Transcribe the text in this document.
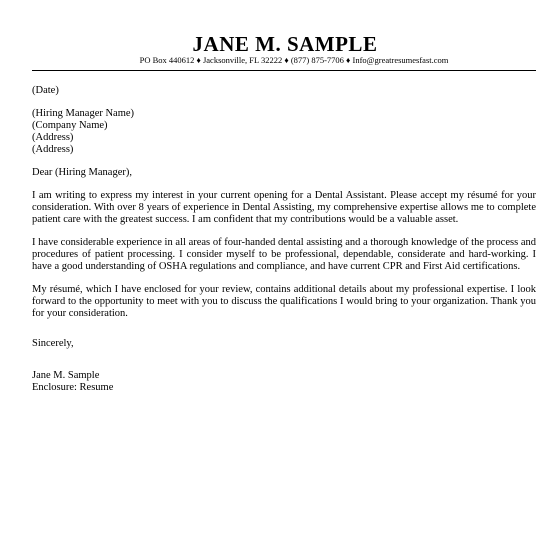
JANE M. SAMPLE
PO Box 440612 ♦ Jacksonville, FL 32222 ♦ (877) 875-7706 ♦ Info@greatresumesfast.com

(Date)

(Hiring Manager Name)
(Company Name)
(Address)
(Address)

Dear (Hiring Manager),

I am writing to express my interest in your current opening for a Dental Assistant. Please accept my résumé for your consideration. With over 8 years of experience in Dental Assisting, my comprehensive expertise allows me to complete patient care with the greatest success. I am confident that my contributions would be a valuable asset.

I have considerable experience in all areas of four-handed dental assisting and a thorough knowledge of the process and procedures of patient processing. I consider myself to be professional, dependable, considerate and hard-working. I have a good understanding of OSHA regulations and compliance, and have current CPR and First Aid certifications.

My résumé, which I have enclosed for your review, contains additional details about my professional expertise. I look forward to the opportunity to meet with you to discuss the qualifications I would bring to your organization. Thank you for your consideration.

Sincerely,

Jane M. Sample
Enclosure: Resume
